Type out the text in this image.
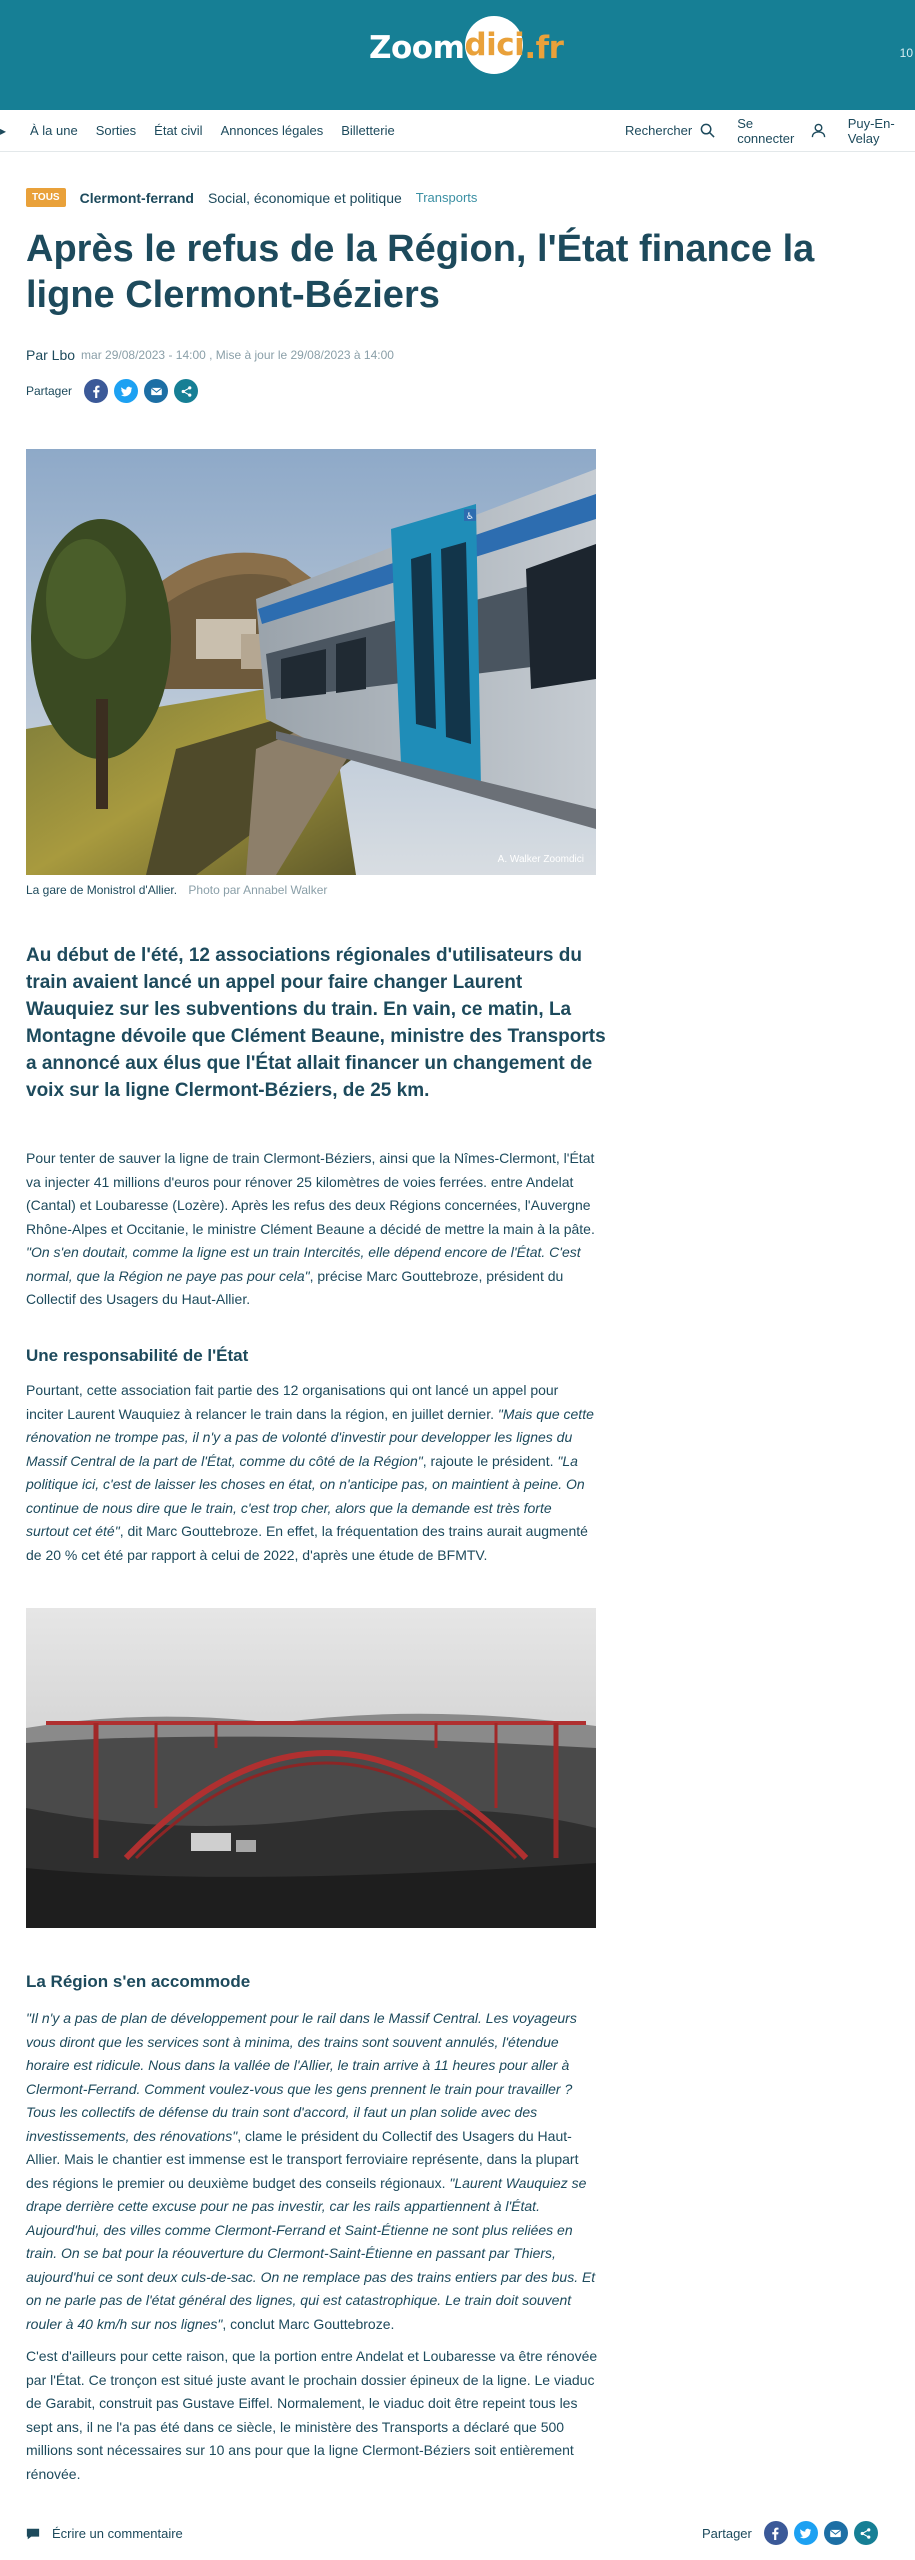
Zoom dici .fr	10
▸	À la une Sorties État civil Annonces légales Billetterie	Rechercher	Se connecter
Puy-En-Velay
TOUS	Clermont-ferrand Social, économique et politique Transports
Après le refus de la Région, l'État finance la ligne Clermont-Béziers
Par Lbo mar 29/08/2023 - 14:00 , Mise à jour le 29/08/2023 à 14:00
Partager
♿
A. Walker Zoomdici
La gare de Monistrol d'Allier. Photo par Annabel Walker

Au début de l'été, 12 associations régionales d'utilisateurs du train avaient lancé un appel pour faire changer Laurent Wauquiez sur les subventions du train. En vain, ce matin, La Montagne dévoile que Clément Beaune, ministre des Transports a annoncé aux élus que l'État allait financer un changement de voix sur la ligne Clermont-Béziers, de 25 km.

Pour tenter de sauver la ligne de train Clermont-Béziers, ainsi que la Nîmes-Clermont, l'État va injecter 41 millions d'euros pour rénover 25 kilomètres de voies ferrées. entre Andelat (Cantal) et Loubaresse (Lozère). Après les refus des deux Régions concernées, l'Auvergne Rhône-Alpes et Occitanie, le ministre Clément Beaune a décidé de mettre la main à la pâte. "On s'en doutait, comme la ligne est un train Intercités, elle dépend encore de l'État. C'est normal, que la Région ne paye pas pour cela", précise Marc Gouttebroze, président du Collectif des Usagers du Haut-Allier.

Une responsabilité de l'État

Pourtant, cette association fait partie des 12 organisations qui ont lancé un appel pour inciter Laurent Wauquiez à relancer le train dans la région, en juillet dernier. "Mais que cette rénovation ne trompe pas, il n'y a pas de volonté d'investir pour developper les lignes du Massif Central de la part de l'État, comme du côté de la Région", rajoute le président. "La politique ici, c'est de laisser les choses en état, on n'anticipe pas, on maintient à peine. On continue de nous dire que le train, c'est trop cher, alors que la demande est très forte surtout cet été", dit Marc Gouttebroze. En effet, la fréquentation des trains aurait augmenté de 20 % cet été par rapport à celui de 2022, d'après une étude de BFMTV.

La Région s'en accommode

"Il n'y a pas de plan de développement pour le rail dans le Massif Central. Les voyageurs vous diront que les services sont à minima, des trains sont souvent annulés, l'étendue horaire est ridicule. Nous dans la vallée de l'Allier, le train arrive à 11 heures pour aller à Clermont-Ferrand. Comment voulez-vous que les gens prennent le train pour travailler ? Tous les collectifs de défense du train sont d'accord, il faut un plan solide avec des investissements, des rénovations", clame le président du Collectif des Usagers du Haut-Allier. Mais le chantier est immense est le transport ferroviaire représente, dans la plupart des régions le premier ou deuxième budget des conseils régionaux. "Laurent Wauquiez se drape derrière cette excuse pour ne pas investir, car les rails appartiennent à l'État. Aujourd'hui, des villes comme Clermont-Ferrand et Saint-Étienne ne sont plus reliées en train. On se bat pour la réouverture du Clermont-Saint-Étienne en passant par Thiers, aujourd'hui ce sont deux culs-de-sac. On ne remplace pas des trains entiers par des bus. Et on ne parle pas de l'état général des lignes, qui est catastrophique. Le train doit souvent rouler à 40 km/h sur nos lignes", conclut Marc Gouttebroze.

C'est d'ailleurs pour cette raison, que la portion entre Andelat et Loubaresse va être rénovée par l'État. Ce tronçon est situé juste avant le prochain dossier épineux de la ligne. Le viaduc de Garabit, construit pas Gustave Eiffel. Normalement, le viaduc doit être repeint tous les sept ans, il ne l'a pas été dans ce siècle, le ministère des Transports a déclaré que 500 millions sont nécessaires sur 10 ans pour que la ligne Clermont-Béziers soit entièrement rénovée.

Écrire un commentaire	Partager
